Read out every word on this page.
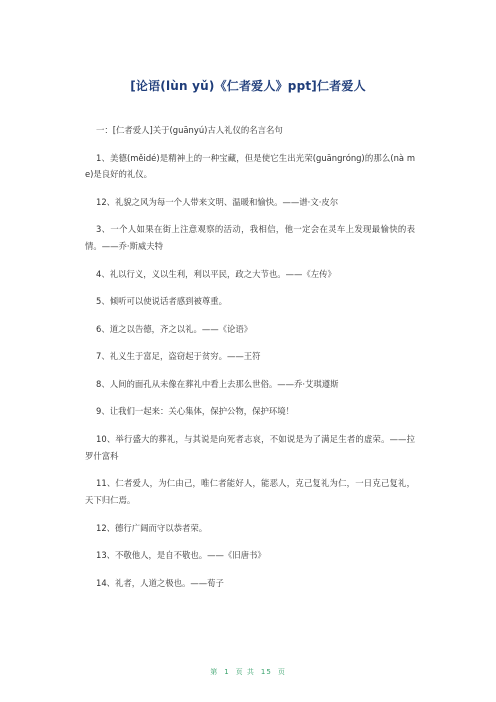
[论语(lùn yǔ)《仁者爱人》ppt]仁者爱人

一：[仁者爱人]关于(guānyú)古人礼仪的名言名句

1、美德(měidé)是精神上的一种宝藏，但是使它生出光荣(guāngróng)的那么(nà me)是良好的礼仪。

12、礼貌之风为每一个人带来文明、温暖和愉快。——谱·文·皮尔

3、一个人如果在街上注意观察的活动，我相信，他一定会在灵车上发现最愉快的表情。——乔·斯威夫特

4、礼以行义，义以生利，利以平民，政之大节也。——《左传》

5、倾听可以使说话者感到被尊重。

6、道之以告德，齐之以礼。——《论语》

7、礼义生于富足，盗窃起于贫穷。——王符

8、人间的面孔从未像在葬礼中看上去那么世俗。——乔·艾琪遵斯

9、让我们一起来：关心集体，保护公物，保护环境！

10、举行盛大的葬礼，与其说是向死者志哀，不如说是为了满足生者的虚荣。——拉罗什富科

11、仁者爱人，为仁由己，唯仁者能好人，能恶人，克己复礼为仁，一日克己复礼，天下归仁焉。

12、德行广阔而守以恭者荣。

13、不敬他人，是自不敬也。——《旧唐书》

14、礼者，人道之极也。——荀子

第 1 页 共 15 页
